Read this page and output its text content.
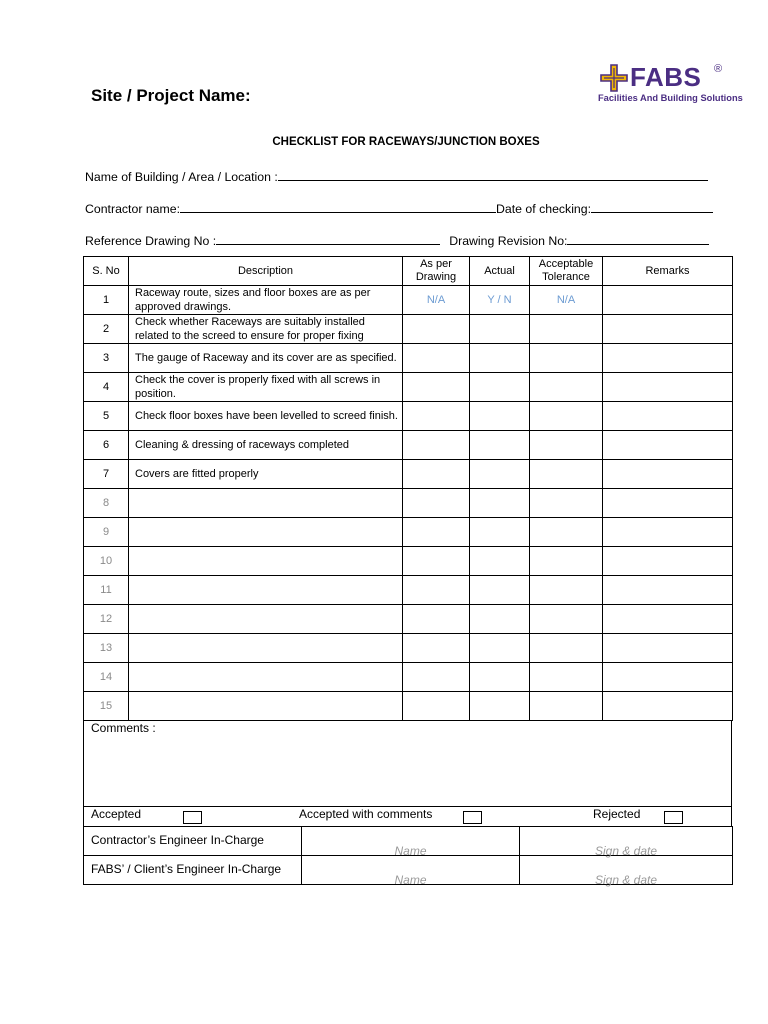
Site / Project Name:
FABS ®
Facilities And Building Solutions
CHECKLIST FOR RACEWAYS/JUNCTION BOXES
Name of Building / Area / Location :
Contractor name:	Date of checking:
Reference Drawing No :	Drawing Revision No:
S. No	Description	As per Drawing	Actual	Acceptable Tolerance	Remarks
1	Raceway route, sizes and floor boxes are as per approved drawings.	N/A	Y / N	N/A	
2	Check whether Raceways are suitably installed related to the screed to ensure for proper fixing				
3	The gauge of Raceway and its cover are as specified.				
4	Check the cover is properly fixed with all screws in position.				
5	Check floor boxes have been levelled to screed finish.				
6	Cleaning & dressing of raceways completed				
7	Covers are fitted properly				
8					
9					
10					
11					
12					
13					
14					
15					
Comments :
Accepted	Accepted with comments	Rejected
Contractor’s Engineer In-Charge	Name	Sign & date
FABS’ / Client’s Engineer In-Charge	Name	Sign & date
